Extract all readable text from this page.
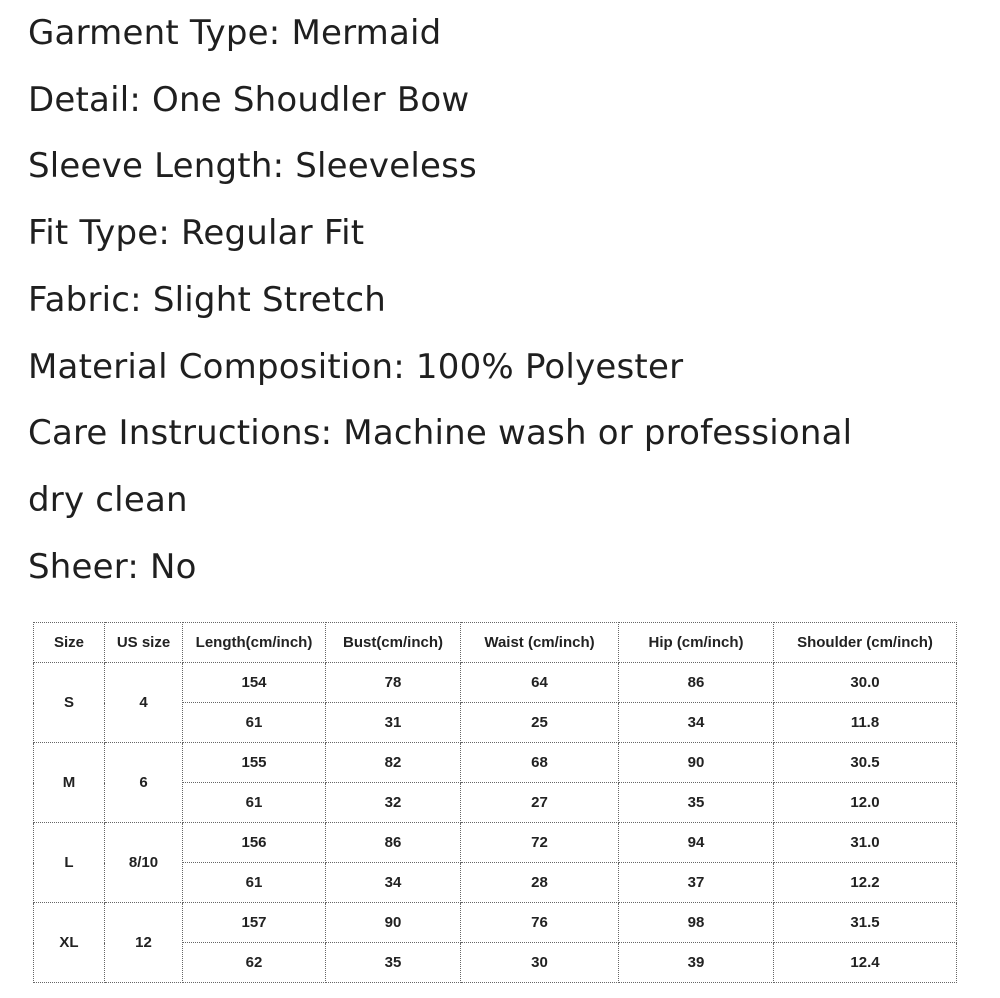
Garment Type: Mermaid
Detail: One Shoudler Bow
Sleeve Length: Sleeveless
Fit Type: Regular Fit
Fabric: Slight Stretch
Material Composition: 100% Polyester
Care Instructions: Machine wash or professional
dry clean
Sheer: No
Size	US size	Length(cm/inch)	Bust(cm/inch)	Waist (cm/inch)	Hip (cm/inch)	Shoulder (cm/inch)
S	4	154	78	64	86	30.0
		61	31	25	34	11.8
M	6	155	82	68	90	30.5
		61	32	27	35	12.0
L	8/10	156	86	72	94	31.0
		61	34	28	37	12.2
XL	12	157	90	76	98	31.5
		62	35	30	39	12.4
